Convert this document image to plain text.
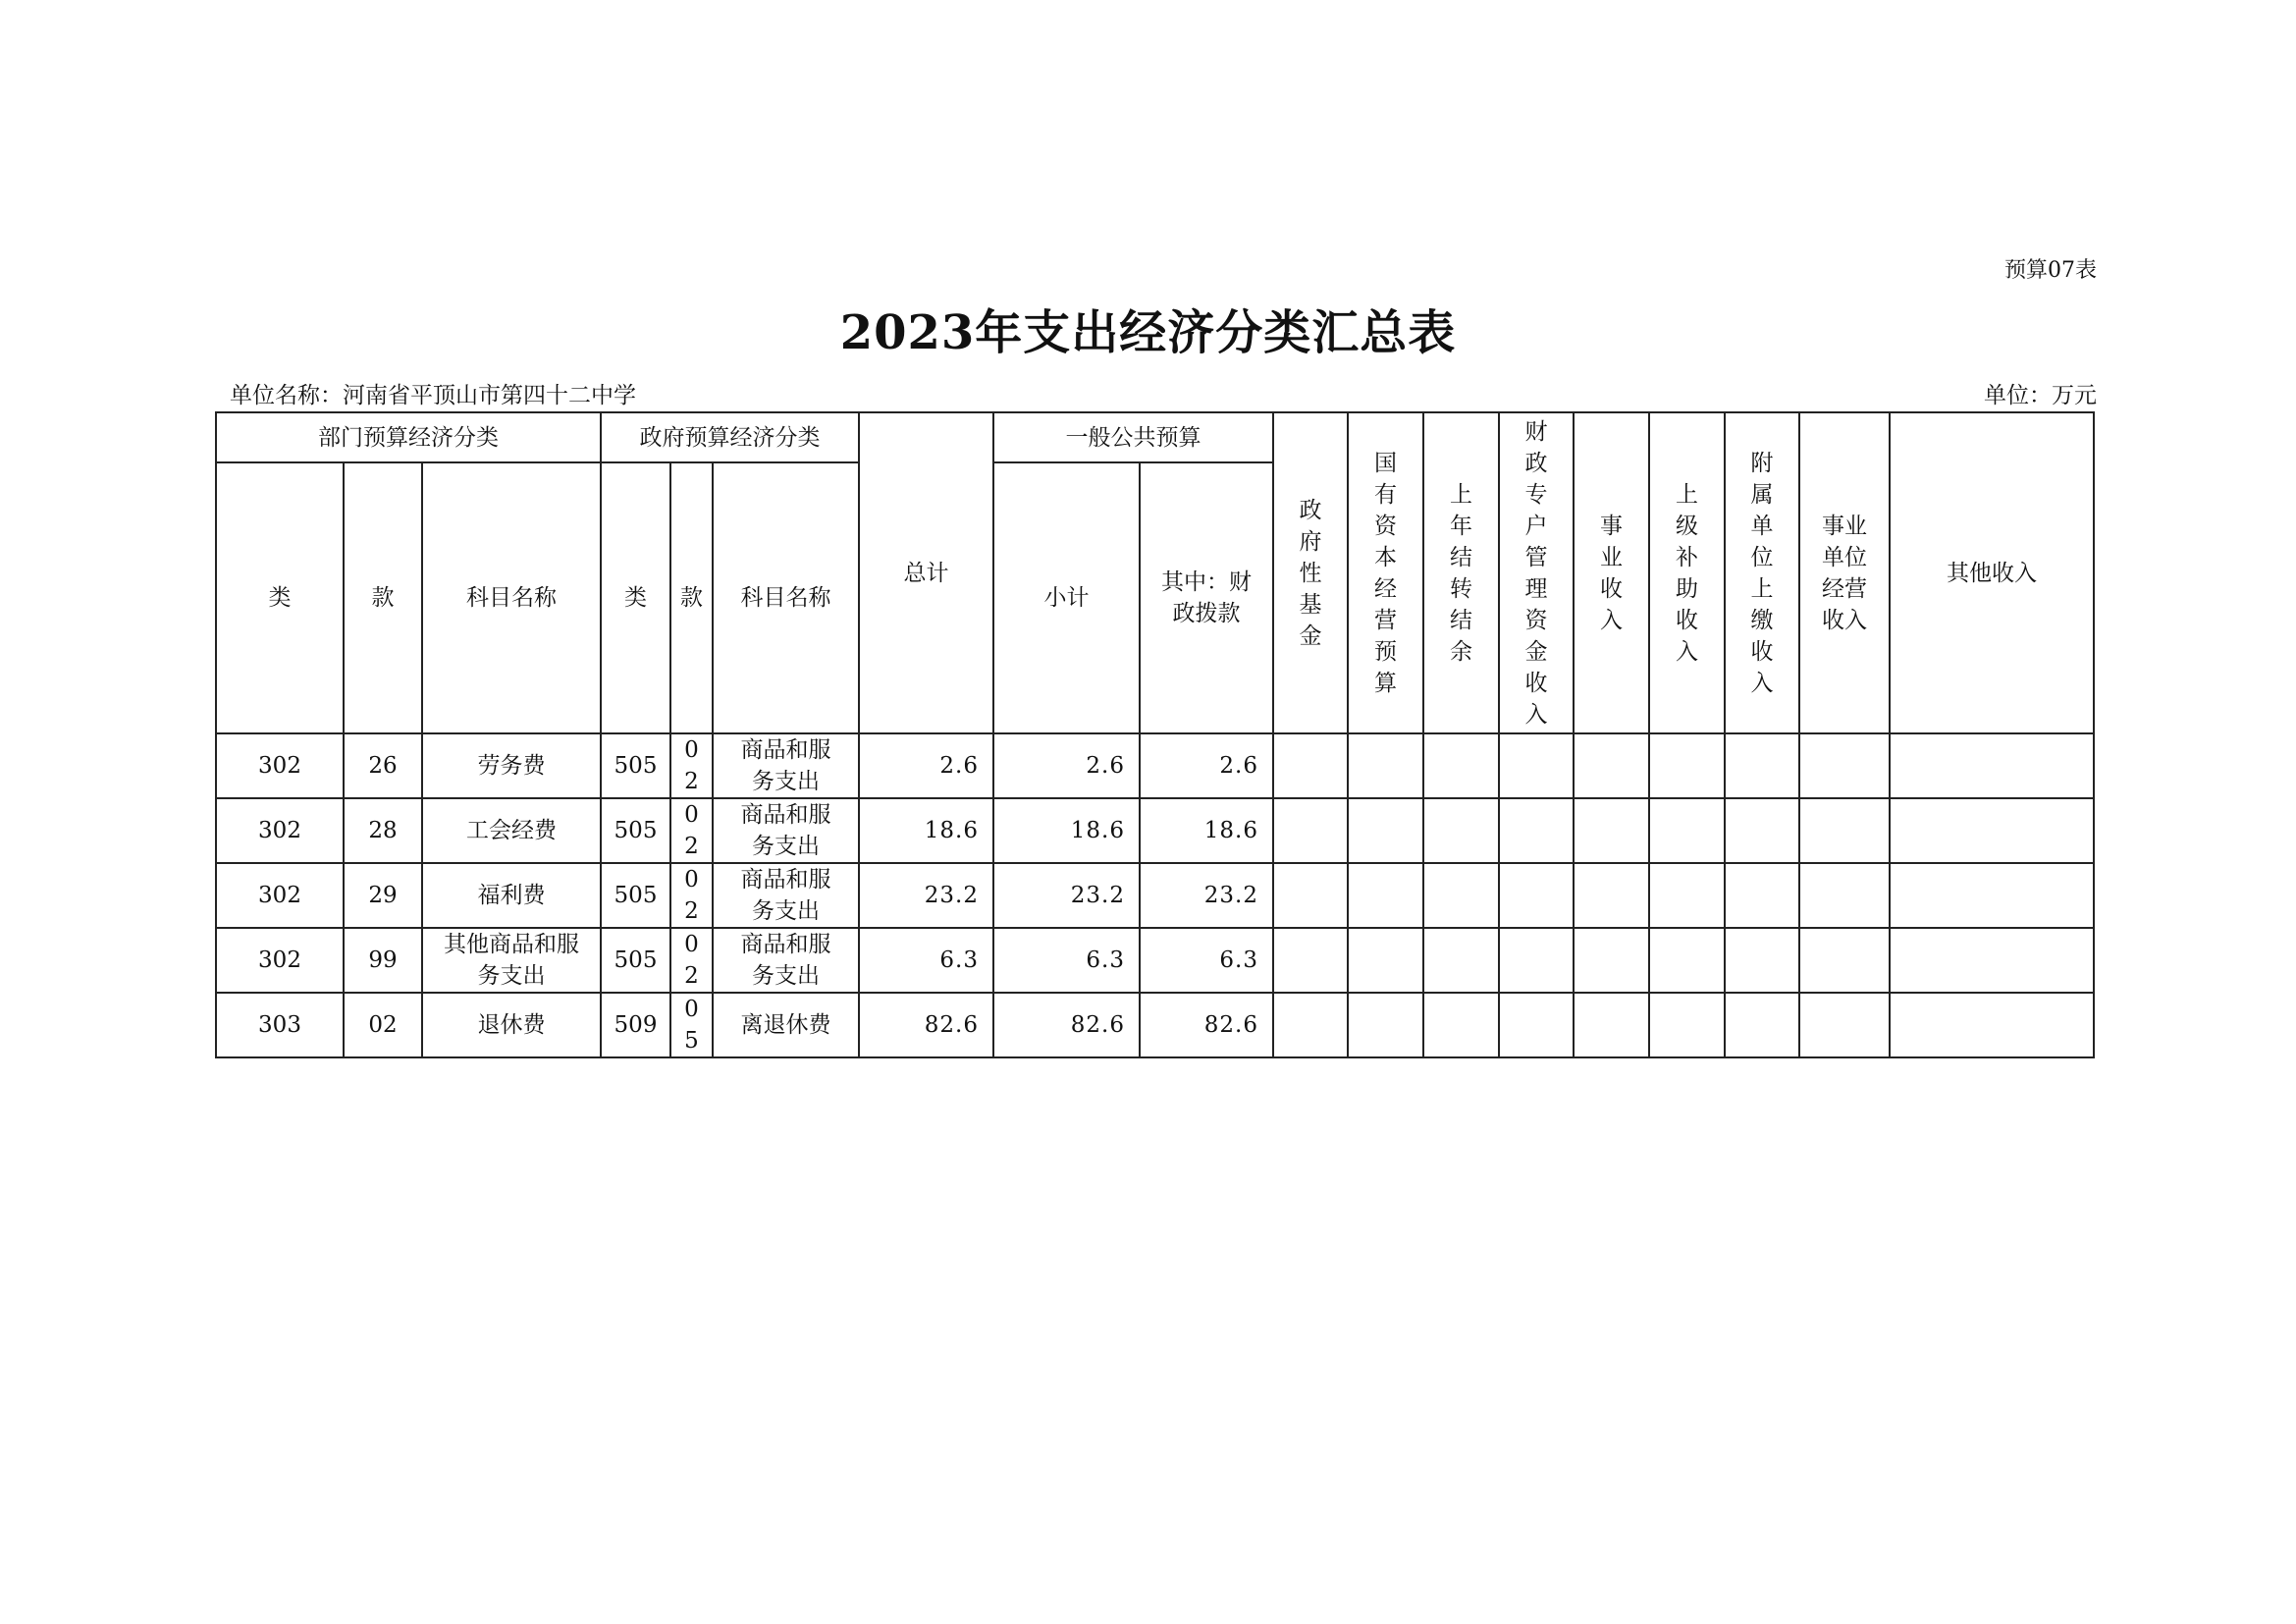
预算07表
2023年支出经济分类汇总表
单位名称：河南省平顶山市第四十二中学	单位：万元
部门预算经济分类			政府预算经济分类			总计	一般公共预算		政府性基金	国有资本经营预算	上年结转结余	财政专户管理资金收入	事业收入	上级补助收入	附属单位上缴收入	事业单位经营收入	其他收入
类	款	科目名称	类	款	科目名称		小计	其中：财政拨款									
302	26	劳务费	505	02	商品和服务支出	2.6	2.6	2.6									
302	28	工会经费	505	02	商品和服务支出	18.6	18.6	18.6									
302	29	福利费	505	02	商品和服务支出	23.2	23.2	23.2									
302	99	其他商品和服务支出	505	02	商品和服务支出	6.3	6.3	6.3									
303	02	退休费	509	05	离退休费	82.6	82.6	82.6									
